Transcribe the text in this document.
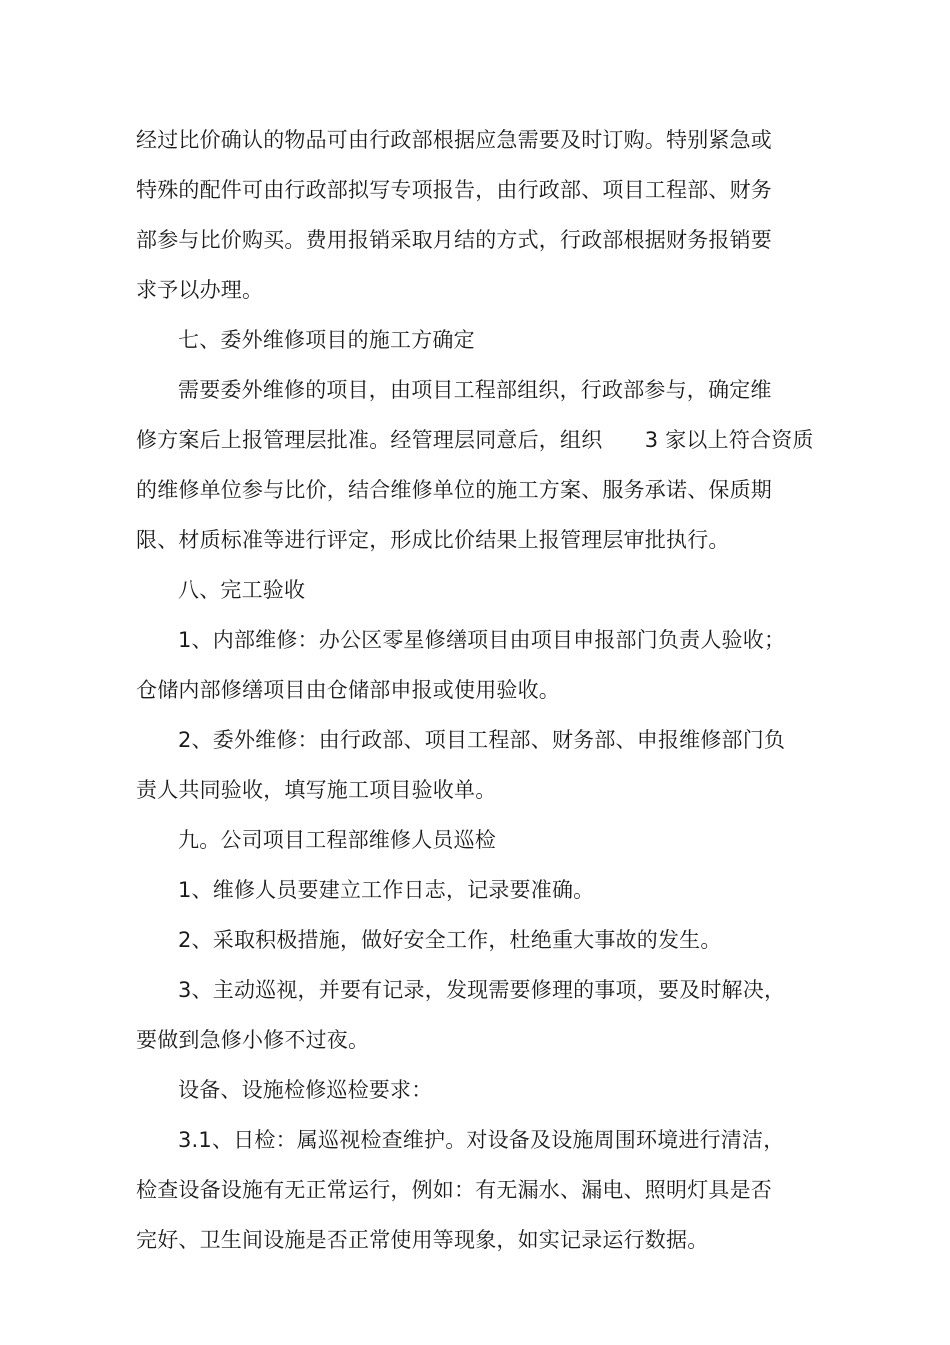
经过比价确认的物品可由行政部根据应急需要及时订购。特别紧急或
特殊的配件可由行政部拟写专项报告，由行政部、项目工程部、财务
部参与比价购买。费用报销采取月结的方式，行政部根据财务报销要
求予以办理。
七、委外维修项目的施工方确定
需要委外维修的项目，由项目工程部组织，行政部参与，确定维
修方案后上报管理层批准。经管理层同意后，组织　　3 家以上符合资质
的维修单位参与比价，结合维修单位的施工方案、服务承诺、保质期
限、材质标准等进行评定，形成比价结果上报管理层审批执行。
八、完工验收
1、内部维修：办公区零星修缮项目由项目申报部门负责人验收；
仓储内部修缮项目由仓储部申报或使用验收。
2、委外维修：由行政部、项目工程部、财务部、申报维修部门负
责人共同验收，填写施工项目验收单。
九。公司项目工程部维修人员巡检
1、维修人员要建立工作日志，记录要准确。
2、采取积极措施，做好安全工作，杜绝重大事故的发生。
3、主动巡视，并要有记录，发现需要修理的事项，要及时解决，
要做到急修小修不过夜。
设备、设施检修巡检要求：
3.1、日检：属巡视检查维护。对设备及设施周围环境进行清洁，
检查设备设施有无正常运行，例如：有无漏水、漏电、照明灯具是否
完好、卫生间设施是否正常使用等现象，如实记录运行数据。
